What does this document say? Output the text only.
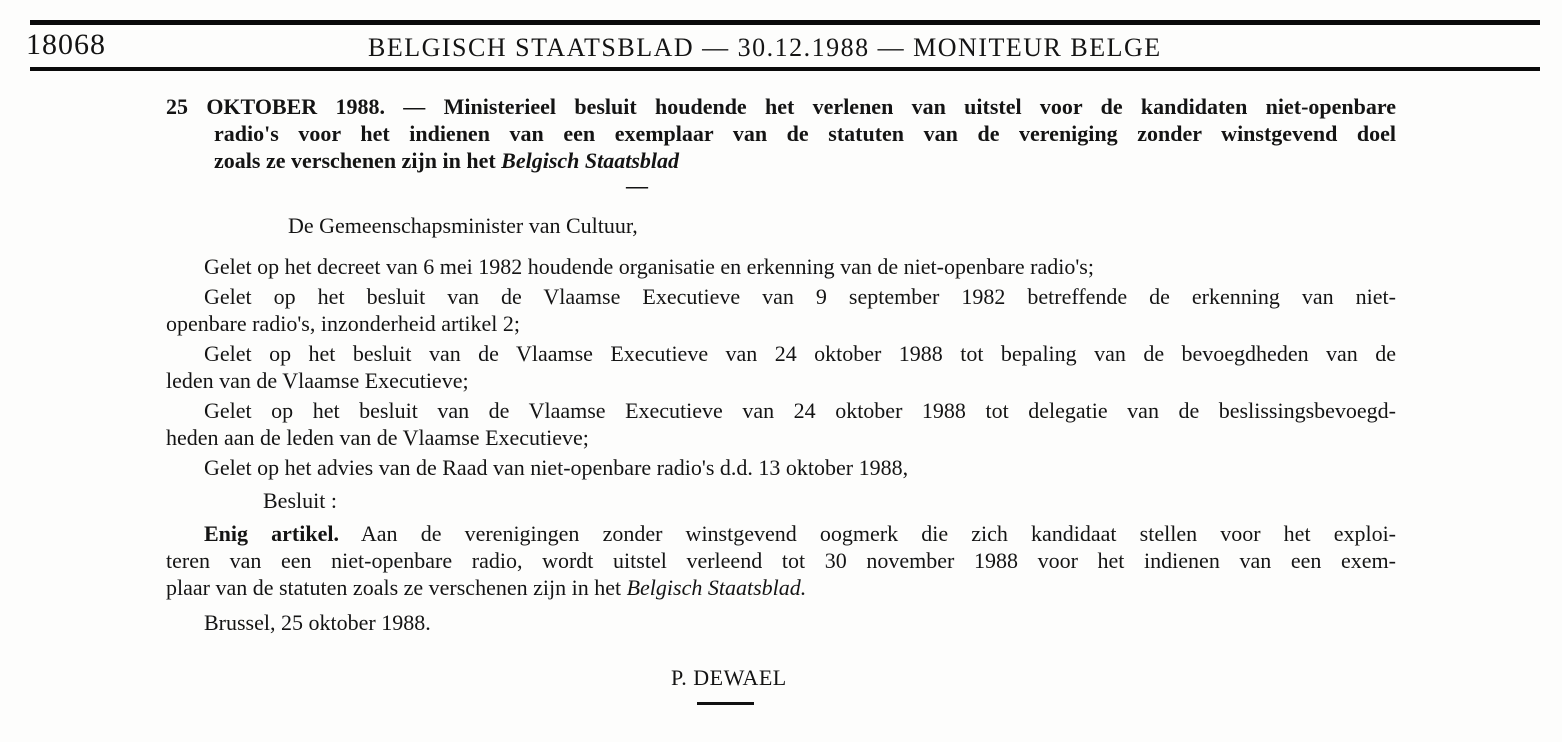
18068	BELGISCH STAATSBLAD — 30.12.1988 — MONITEUR BELGE
25 OKTOBER 1988. — Ministerieel besluit houdende het verlenen van uitstel voor de kandidaten niet-openbare
radio's voor het indienen van een exemplaar van de statuten van de vereniging zonder winstgevend doel
zoals ze verschenen zijn in het Belgisch Staatsblad
—
De Gemeenschapsminister van Cultuur,
Gelet op het decreet van 6 mei 1982 houdende organisatie en erkenning van de niet-openbare radio's;
Gelet op het besluit van de Vlaamse Executieve van 9 september 1982 betreffende de erkenning van niet-
openbare radio's, inzonderheid artikel 2;
Gelet op het besluit van de Vlaamse Executieve van 24 oktober 1988 tot bepaling van de bevoegdheden van de
leden van de Vlaamse Executieve;
Gelet op het besluit van de Vlaamse Executieve van 24 oktober 1988 tot delegatie van de beslissingsbevoegd-
heden aan de leden van de Vlaamse Executieve;
Gelet op het advies van de Raad van niet-openbare radio's d.d. 13 oktober 1988,
Besluit :
Enig artikel. Aan de verenigingen zonder winstgevend oogmerk die zich kandidaat stellen voor het exploi-
teren van een niet-openbare radio, wordt uitstel verleend tot 30 november 1988 voor het indienen van een exem-
plaar van de statuten zoals ze verschenen zijn in het Belgisch Staatsblad.
Brussel, 25 oktober 1988.
P. DEWAEL
